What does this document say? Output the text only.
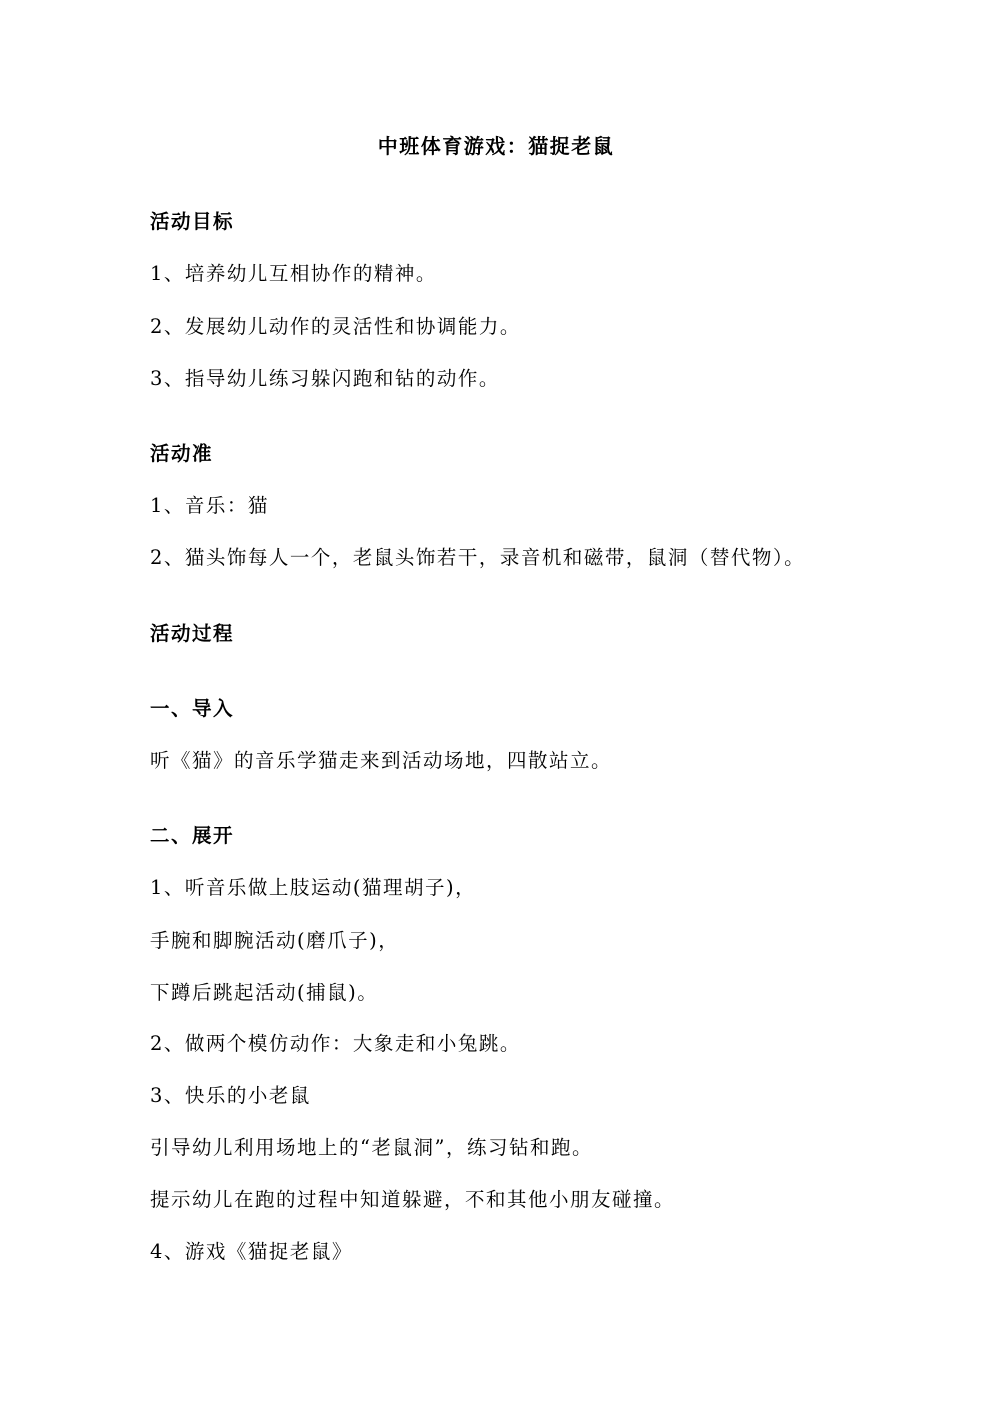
中班体育游戏：猫捉老鼠
活动目标
1、培养幼儿互相协作的精神。
2、发展幼儿动作的灵活性和协调能力。
3、指导幼儿练习躲闪跑和钻的动作。
活动准
1、音乐：猫
2、猫头饰每人一个，老鼠头饰若干，录音机和磁带，鼠洞（替代物）。
活动过程
一、导入
听《猫》的音乐学猫走来到活动场地，四散站立。
二、展开
1、听音乐做上肢运动(猫理胡子)，
手腕和脚腕活动(磨爪子)，
下蹲后跳起活动(捕鼠)。
2、做两个模仿动作：大象走和小兔跳。
3、快乐的小老鼠
引导幼儿利用场地上的“老鼠洞”，练习钻和跑。
提示幼儿在跑的过程中知道躲避，不和其他小朋友碰撞。
4、游戏《猫捉老鼠》
